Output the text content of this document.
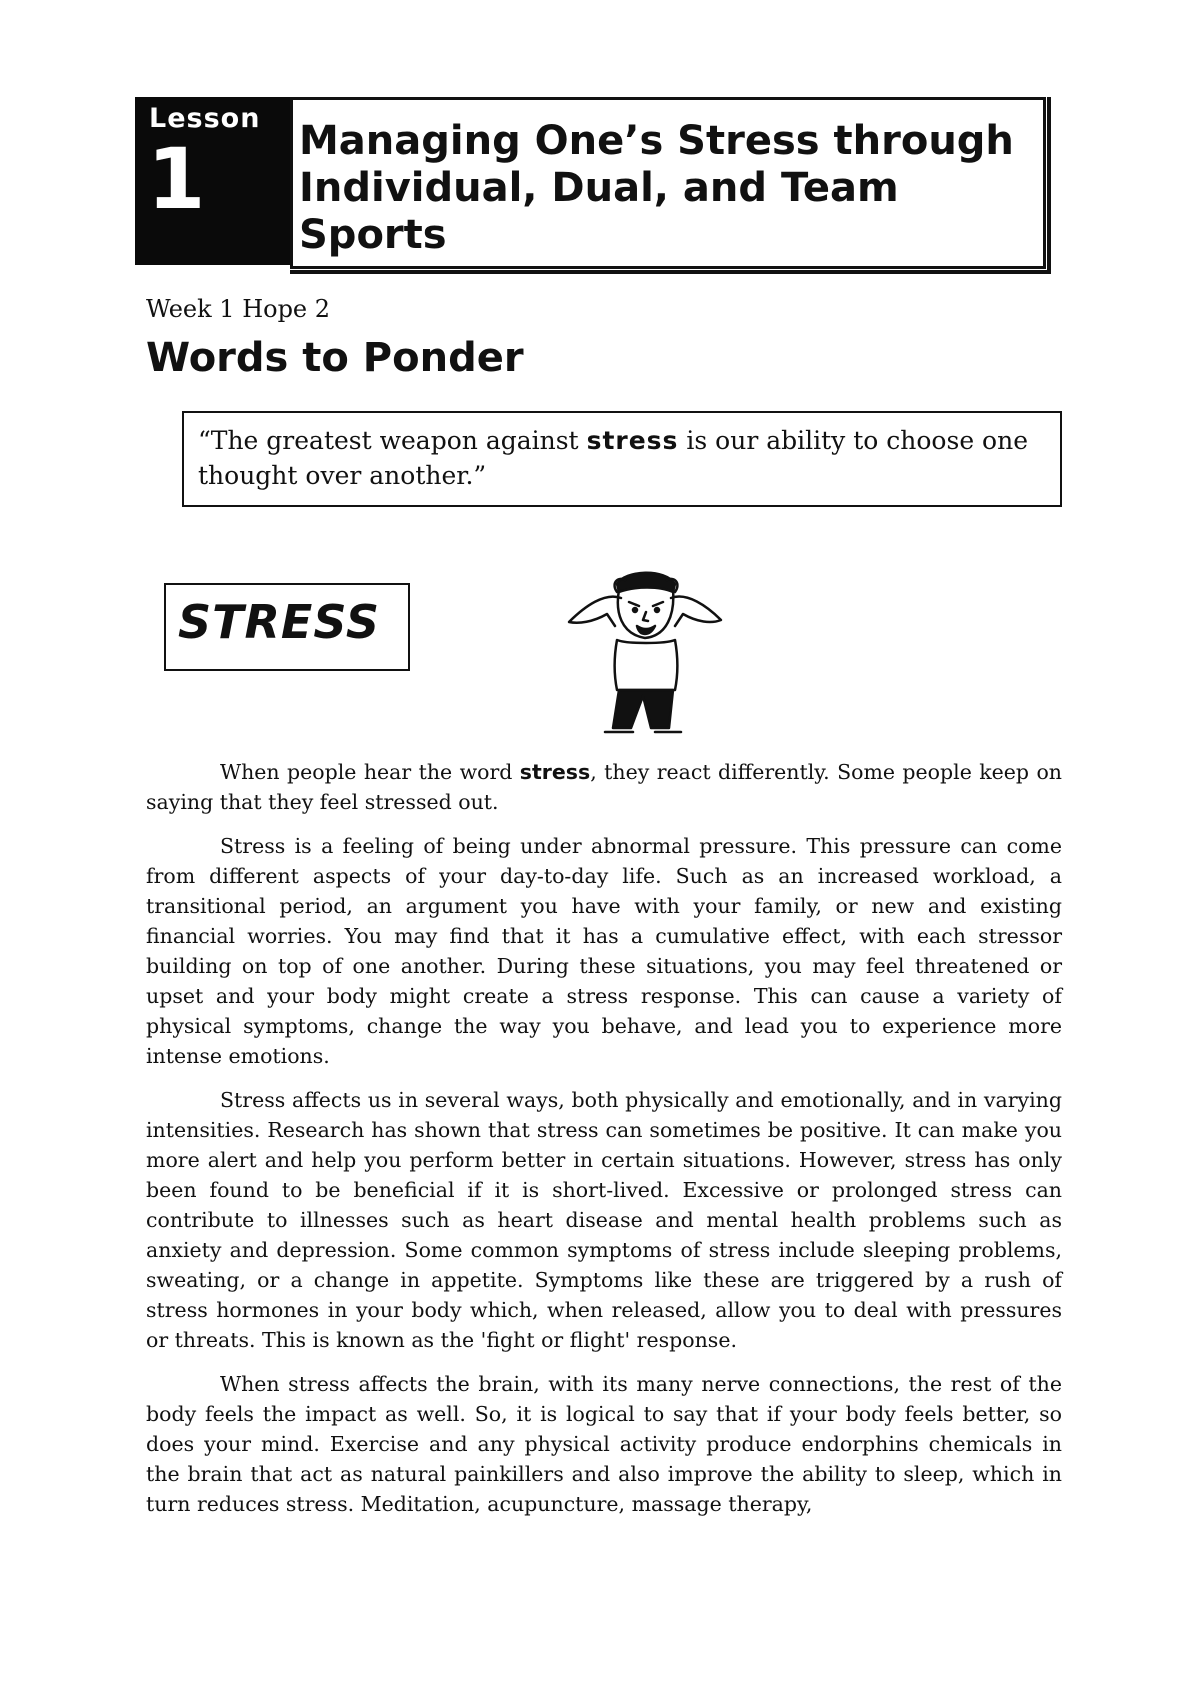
Lesson
1 Managing One’s Stress through Individual, Dual, and Team Sports
Week 1 Hope 2
Words to Ponder
“The greatest weapon against stress is our ability to choose one thought over another.”
STRESS

When people hear the word stress, they react differently. Some people keep on saying that they feel stressed out.

Stress is a feeling of being under abnormal pressure. This pressure can come from different aspects of your day-to-day life. Such as an increased workload, a transitional period, an argument you have with your family, or new and existing financial worries. You may find that it has a cumulative effect, with each stressor building on top of one another. During these situations, you may feel threatened or upset and your body might create a stress response. This can cause a variety of physical symptoms, change the way you behave, and lead you to experience more intense emotions.

Stress affects us in several ways, both physically and emotionally, and in varying intensities. Research has shown that stress can sometimes be positive. It can make you more alert and help you perform better in certain situations. However, stress has only been found to be beneficial if it is short-lived. Excessive or prolonged stress can contribute to illnesses such as heart disease and mental health problems such as anxiety and depression. Some common symptoms of stress include sleeping problems, sweating, or a change in appetite. Symptoms like these are triggered by a rush of stress hormones in your body which, when released, allow you to deal with pressures or threats. This is known as the 'fight or flight' response.

When stress affects the brain, with its many nerve connections, the rest of the body feels the impact as well. So, it is logical to say that if your body feels better, so does your mind. Exercise and any physical activity produce endorphins chemicals in the brain that act as natural painkillers and also improve the ability to sleep, which in turn reduces stress. Meditation, acupuncture, massage therapy,
